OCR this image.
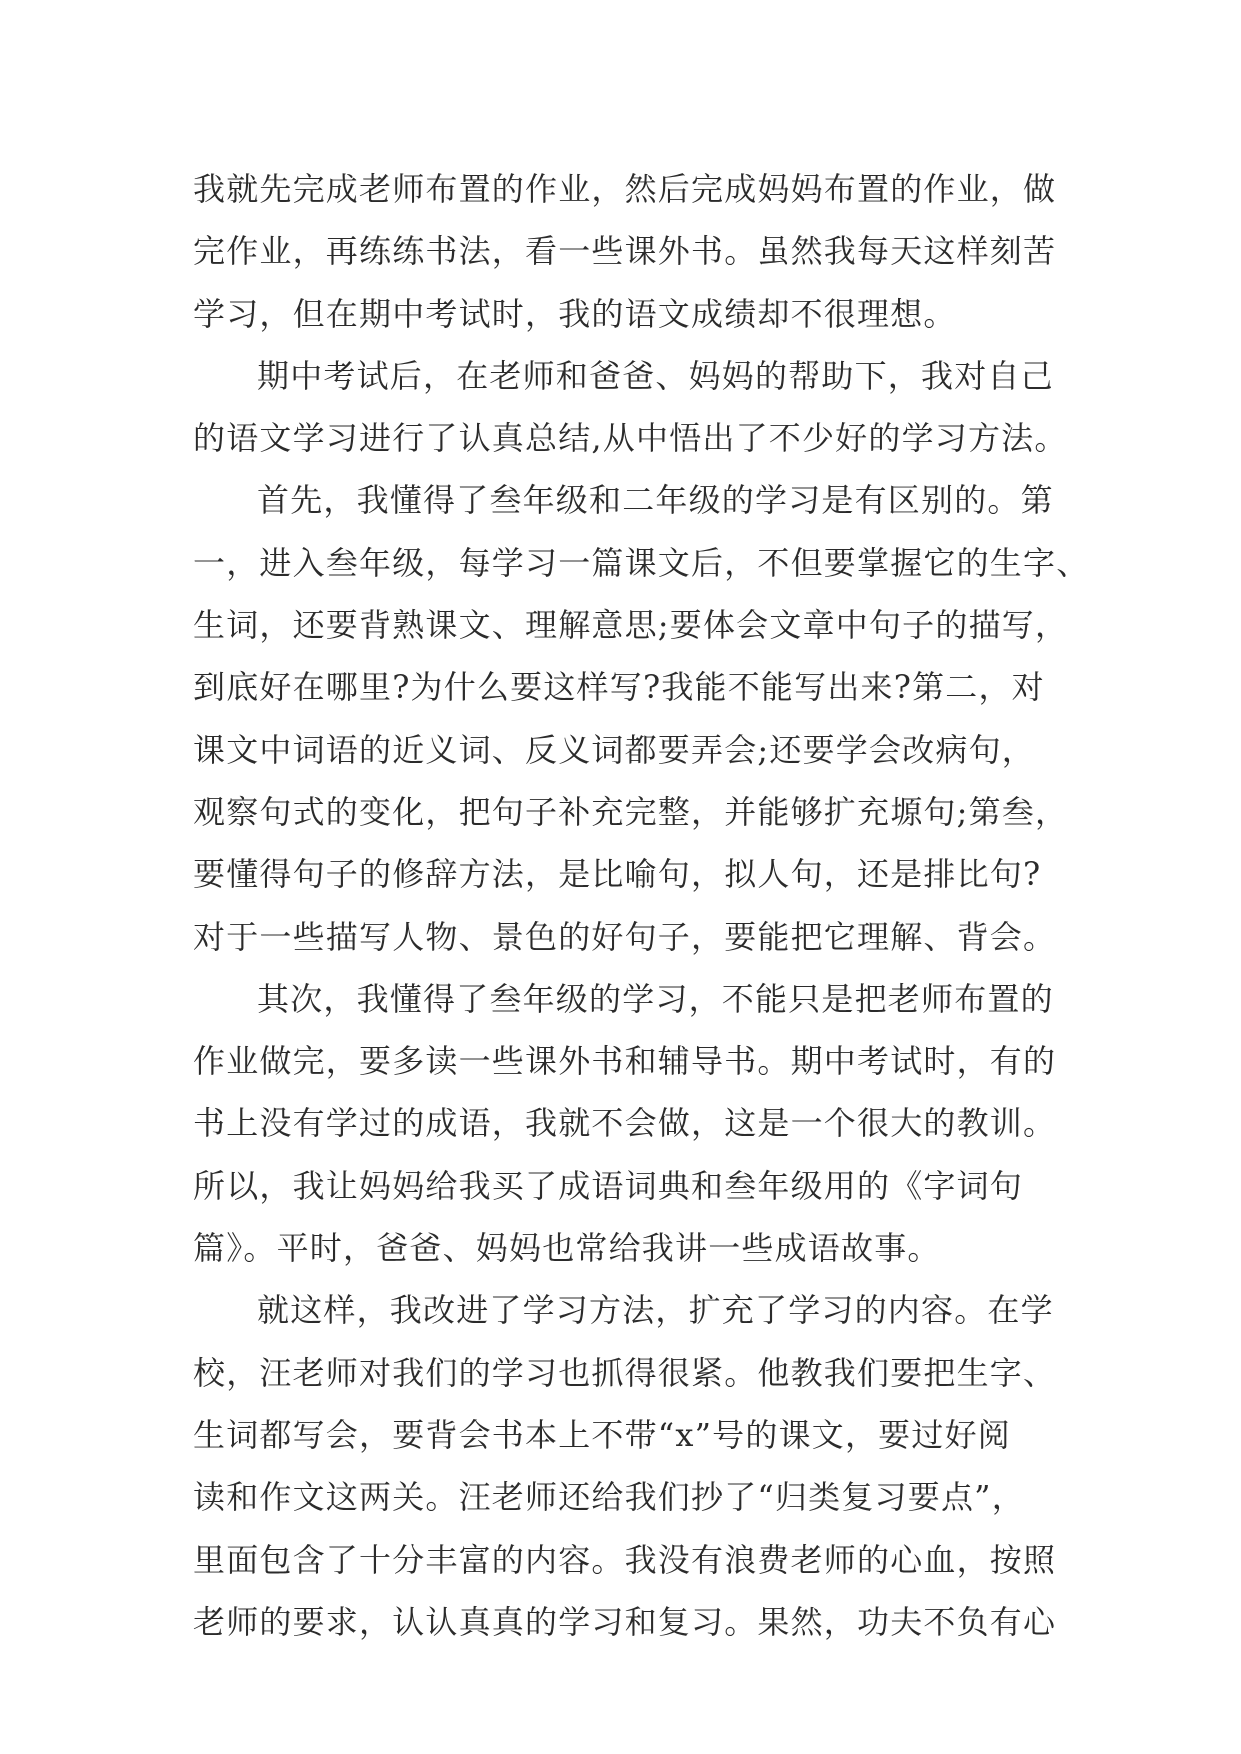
我就先完成老师布置的作业，然后完成妈妈布置的作业，做
完作业，再练练书法，看一些课外书。虽然我每天这样刻苦
学习，但在期中考试时，我的语文成绩却不很理想。
期中考试后，在老师和爸爸、妈妈的帮助下，我对自己
的语文学习进行了认真总结,从中悟出了不少好的学习方法。
首先，我懂得了叁年级和二年级的学习是有区别的。第
一，进入叁年级，每学习一篇课文后，不但要掌握它的生字、
生词，还要背熟课文、理解意思;要体会文章中句子的描写，
到底好在哪里?为什么要这样写?我能不能写出来?第二，对
课文中词语的近义词、反义词都要弄会;还要学会改病句，
观察句式的变化，把句子补充完整，并能够扩充塬句;第叁，
要懂得句子的修辞方法，是比喻句，拟人句，还是排比句?
对于一些描写人物、景色的好句子，要能把它理解、背会。
其次，我懂得了叁年级的学习，不能只是把老师布置的
作业做完，要多读一些课外书和辅导书。期中考试时，有的
书上没有学过的成语，我就不会做，这是一个很大的教训。
所以，我让妈妈给我买了成语词典和叁年级用的《字词句
篇》。平时，爸爸、妈妈也常给我讲一些成语故事。
就这样，我改进了学习方法，扩充了学习的内容。在学
校，汪老师对我们的学习也抓得很紧。他教我们要把生字、
生词都写会，要背会书本上不带“x”号的课文，要过好阅
读和作文这两关。汪老师还给我们抄了“归类复习要点”，
里面包含了十分丰富的内容。我没有浪费老师的心血，按照
老师的要求，认认真真的学习和复习。果然，功夫不负有心
